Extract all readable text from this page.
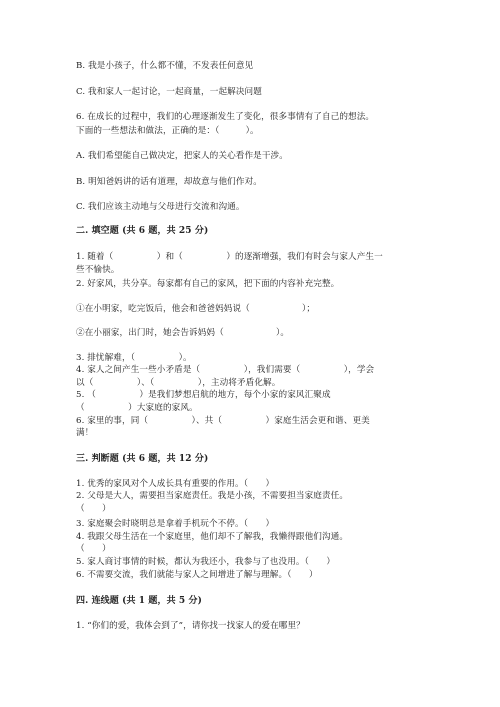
B. 我是小孩子，什么都不懂，不发表任何意见
C. 我和家人一起讨论，一起商量，一起解决问题
6. 在成长的过程中，我们的心理逐渐发生了变化，很多事情有了自己的想法。
下面的一些想法和做法，正确的是：（　　　）。
A. 我们希望能自己做决定，把家人的关心看作是干涉。
B. 明知爸妈讲的话有道理，却故意与他们作对。
C. 我们应该主动地与父母进行交流和沟通。
二. 填空题 (共 6 题，共 25 分)
1. 随着（　　　　　）和（　　　　　）的逐渐增强，我们有时会与家人产生一
些不愉快。
2. 好家风，共分享。每家都有自己的家风，把下面的内容补充完整。
①在小明家，吃完饭后，他会和爸爸妈妈说（　　　　　　）；
②在小丽家，出门时，她会告诉妈妈（　　　　　　）。
3. 排忧解难，（　　　　　）。
4. 家人之间产生一些小矛盾是（　　　　　），我们需要（　　　　　），学会
以（　　　　　）、（　　　　　），主动将矛盾化解。
5. （　　　　　）是我们梦想启航的地方，每个小家的家风汇聚成
（　　　　　）大家庭的家风。
6. 家里的事，同（　　　　　）、共（　　　　　）家庭生活会更和谐、更美
满！
三. 判断题 (共 6 题，共 12 分)
1. 优秀的家风对个人成长具有重要的作用。（　　）
2. 父母是大人，需要担当家庭责任。我是小孩，不需要担当家庭责任。
（　　）
3. 家庭聚会时晓明总是拿着手机玩个不停。（　　）
4. 我跟父母生活在一个家庭里，他们却不了解我，我懒得跟他们沟通。
（　　）
5. 家人商讨事情的时候，都认为我还小，我参与了也没用。（　　）
6. 不需要交流，我们就能与家人之间增进了解与理解。（　　）
四. 连线题 (共 1 题，共 5 分)
1. “你们的爱，我体会到了”，请你找一找家人的爱在哪里？
